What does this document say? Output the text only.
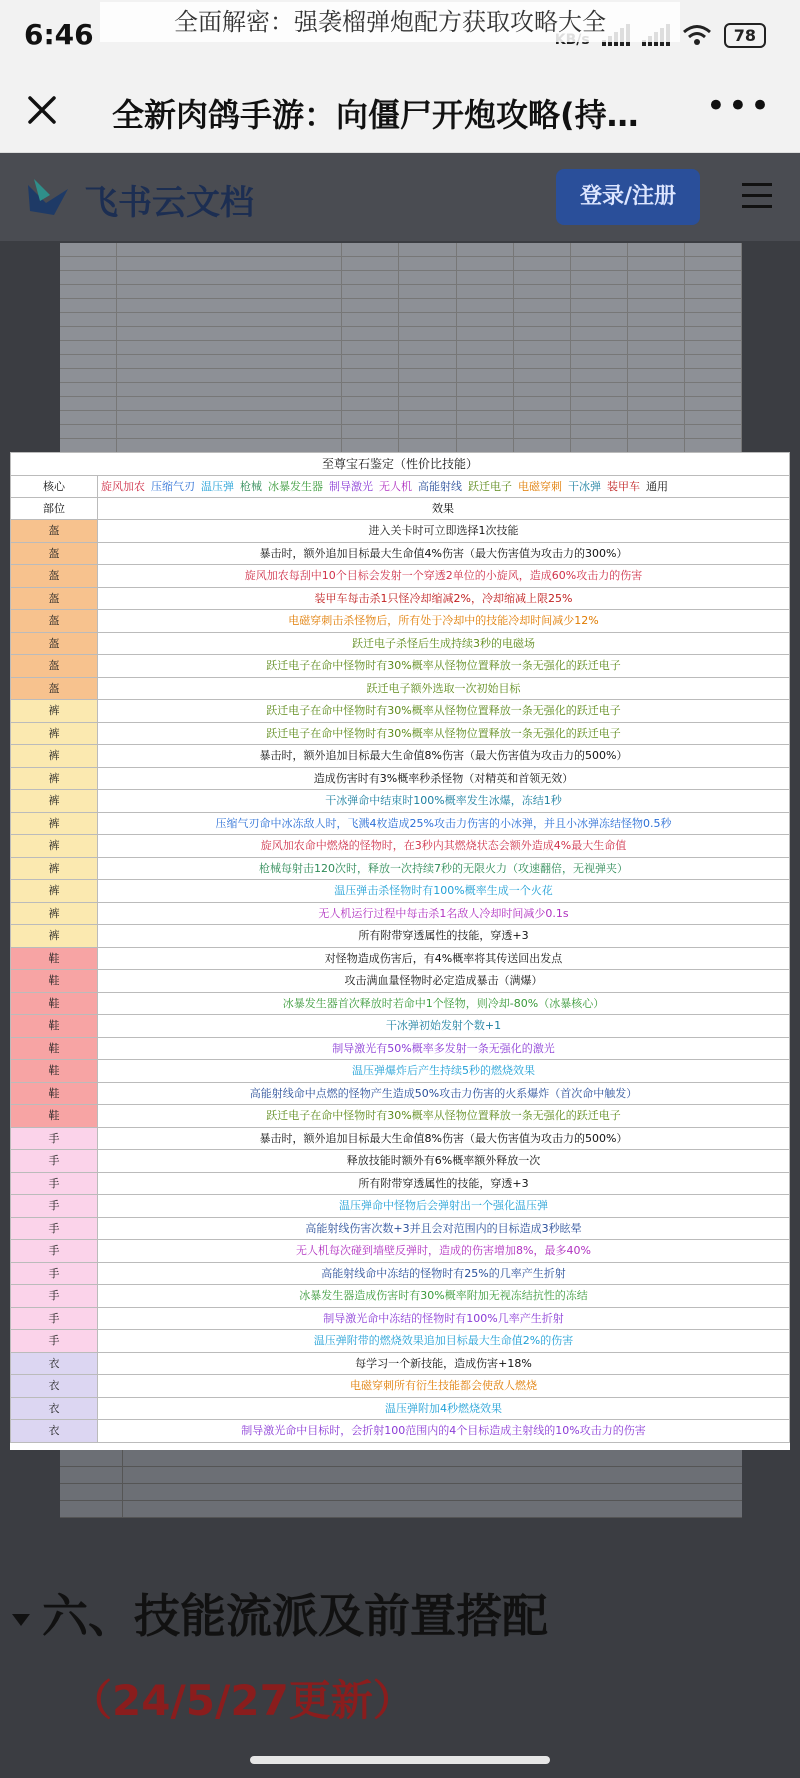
6:46	78
全面解密：强袭榴弹炮配方获取攻略大全
全新肉鸽手游：向僵尸开炮攻略(持…	•••
飞书云文档	登录/注册
至尊宝石鉴定（性价比技能）
核心	旋风加农 压缩气刃 温压弹 枪械 冰暴发生器 制导激光 无人机 高能射线 跃迁电子 电磁穿刺 干冰弹 装甲车 通用
部位	效果
盔	进入关卡时可立即选择1次技能
盔	暴击时，额外追加目标最大生命值4%伤害（最大伤害值为攻击力的300%）
盔	旋风加农每刮中10个目标会发射一个穿透2单位的小旋风，造成60%攻击力的伤害
盔	装甲车每击杀1只怪冷却缩减2%，冷却缩减上限25%
盔	电磁穿刺击杀怪物后，所有处于冷却中的技能冷却时间减少12%
盔	跃迁电子杀怪后生成持续3秒的电磁场
盔	跃迁电子在命中怪物时有30%概率从怪物位置释放一条无强化的跃迁电子
盔	跃迁电子额外选取一次初始目标
裤	跃迁电子在命中怪物时有30%概率从怪物位置释放一条无强化的跃迁电子
裤	跃迁电子在命中怪物时有30%概率从怪物位置释放一条无强化的跃迁电子
裤	暴击时，额外追加目标最大生命值8%伤害（最大伤害值为攻击力的500%）
裤	造成伤害时有3%概率秒杀怪物（对精英和首领无效）
裤	干冰弹命中结束时100%概率发生冰爆，冻结1秒
裤	压缩气刃命中冰冻敌人时，飞溅4枚造成25%攻击力伤害的小冰弹，并且小冰弹冻结怪物0.5秒
裤	旋风加农命中燃烧的怪物时，在3秒内其燃烧状态会额外造成4%最大生命值
裤	枪械每射击120次时，释放一次持续7秒的无限火力（攻速翻倍，无视弹夹）
裤	温压弹击杀怪物时有100%概率生成一个火花
裤	无人机运行过程中每击杀1名敌人冷却时间减少0.1s
裤	所有附带穿透属性的技能，穿透+3
鞋	对怪物造成伤害后，有4%概率将其传送回出发点
鞋	攻击满血量怪物时必定造成暴击（满爆）
鞋	冰暴发生器首次释放时若命中1个怪物，则冷却-80%（冰暴核心）
鞋	干冰弹初始发射个数+1
鞋	制导激光有50%概率多发射一条无强化的激光
鞋	温压弹爆炸后产生持续5秒的燃烧效果
鞋	高能射线命中点燃的怪物产生造成50%攻击力伤害的火系爆炸（首次命中触发）
鞋	跃迁电子在命中怪物时有30%概率从怪物位置释放一条无强化的跃迁电子
手	暴击时，额外追加目标最大生命值8%伤害（最大伤害值为攻击力的500%）
手	释放技能时额外有6%概率额外释放一次
手	所有附带穿透属性的技能，穿透+3
手	温压弹命中怪物后会弹射出一个强化温压弹
手	高能射线伤害次数+3并且会对范围内的目标造成3秒眩晕
手	无人机每次碰到墙壁反弹时，造成的伤害增加8%，最多40%
手	高能射线命中冻结的怪物时有25%的几率产生折射
手	冰暴发生器造成伤害时有30%概率附加无视冻结抗性的冻结
手	制导激光命中冻结的怪物时有100%几率产生折射
手	温压弹附带的燃烧效果追加目标最大生命值2%的伤害
衣	每学习一个新技能，造成伤害+18%
衣	电磁穿刺所有衍生技能都会使敌人燃烧
衣	温压弹附加4秒燃烧效果
衣	制导激光命中目标时，会折射100范围内的4个目标造成主射线的10%攻击力的伤害
六、技能流派及前置搭配
（24/5/27更新）
